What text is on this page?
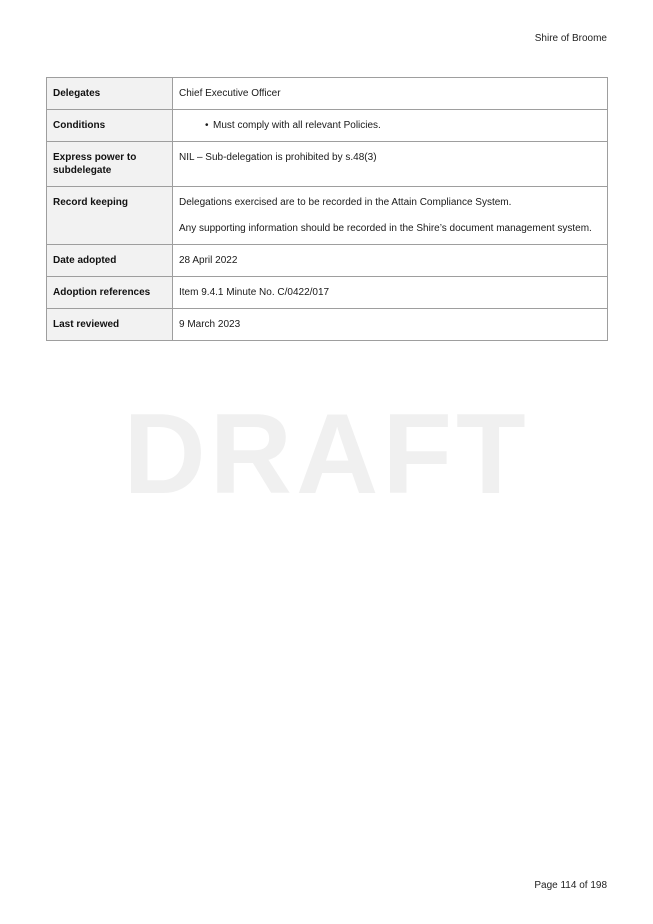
Shire of Broome
DRAFT
Delegates	Chief Executive Officer

Conditions	• Must comply with all relevant Policies.

Express power to subdelegate	NIL – Sub-delegation is prohibited by s.48(3)

Record keeping	Delegations exercised are to be recorded in the Attain Compliance System.
Any supporting information should be recorded in the Shire’s document management system.

Date adopted	28 April 2022

Adoption references	Item 9.4.1 Minute No. C/0422/017

Last reviewed	9 March 2023
Page 114 of 198
